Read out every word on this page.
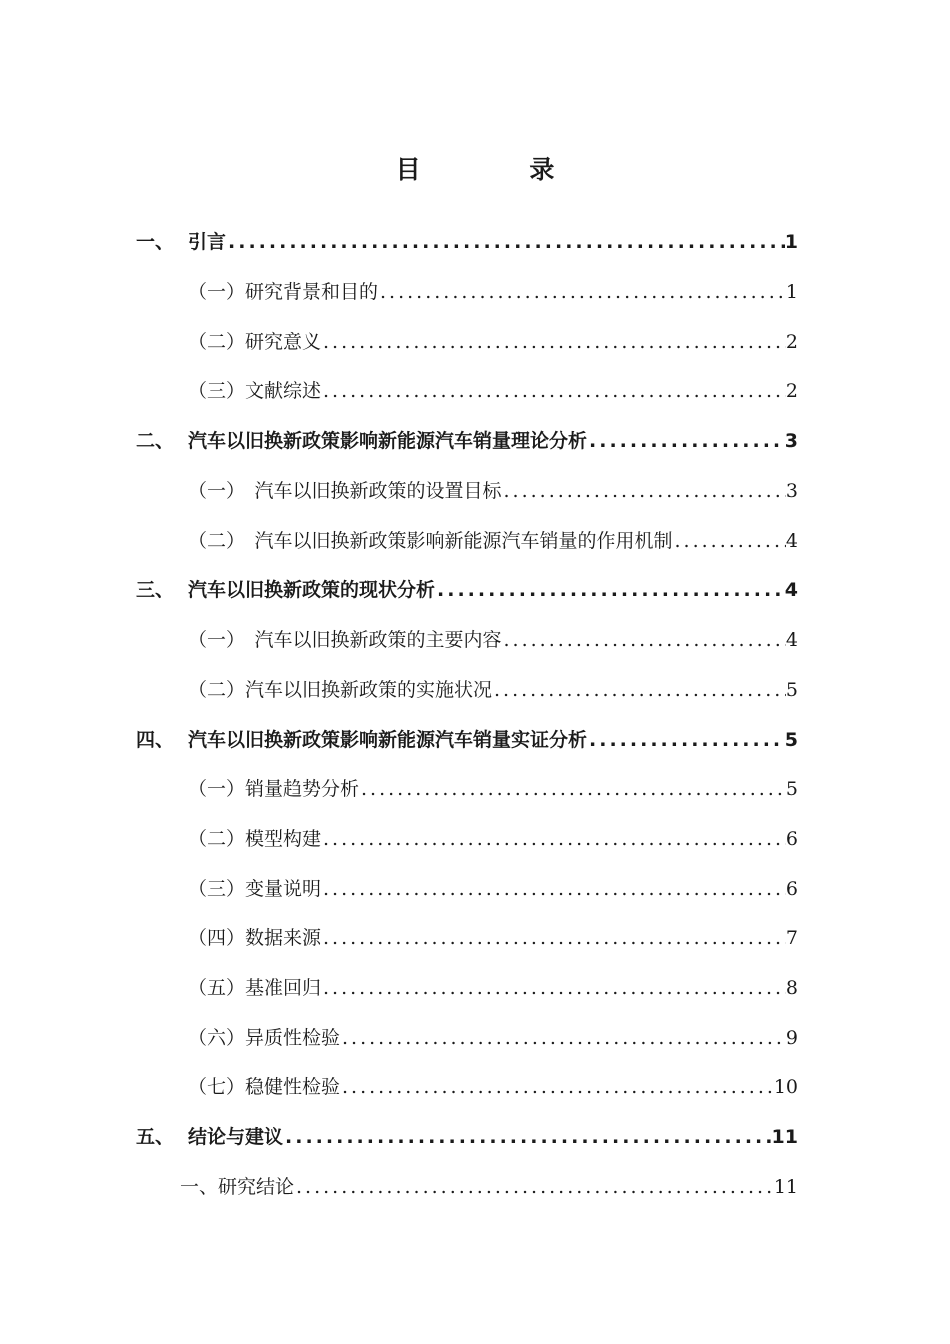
目 录
一、 引言 .....	1
（一）研究背景和目的 .....	1
（二）研究意义 .....	2
（三）文献综述 .....	2
二、 汽车以旧换新政策影响新能源汽车销量理论分析 .....	3
（一）　汽车以旧换新政策的设置目标 .....	3
（二）　汽车以旧换新政策影响新能源汽车销量的作用机制 .....	4
三、 汽车以旧换新政策的现状分析 .....	4
（一）　汽车以旧换新政策的主要内容 .....	4
（二）汽车以旧换新政策的实施状况 .....	5
四、 汽车以旧换新政策影响新能源汽车销量实证分析 .....	5
（一）销量趋势分析 .....	5
（二）模型构建 .....	6
（三）变量说明 .....	6
（四）数据来源 .....	7
（五）基准回归 .....	8
（六）异质性检验 .....	9
（七）稳健性检验 .....	10
五、 结论与建议 .....	11
一、研究结论 .....	11
